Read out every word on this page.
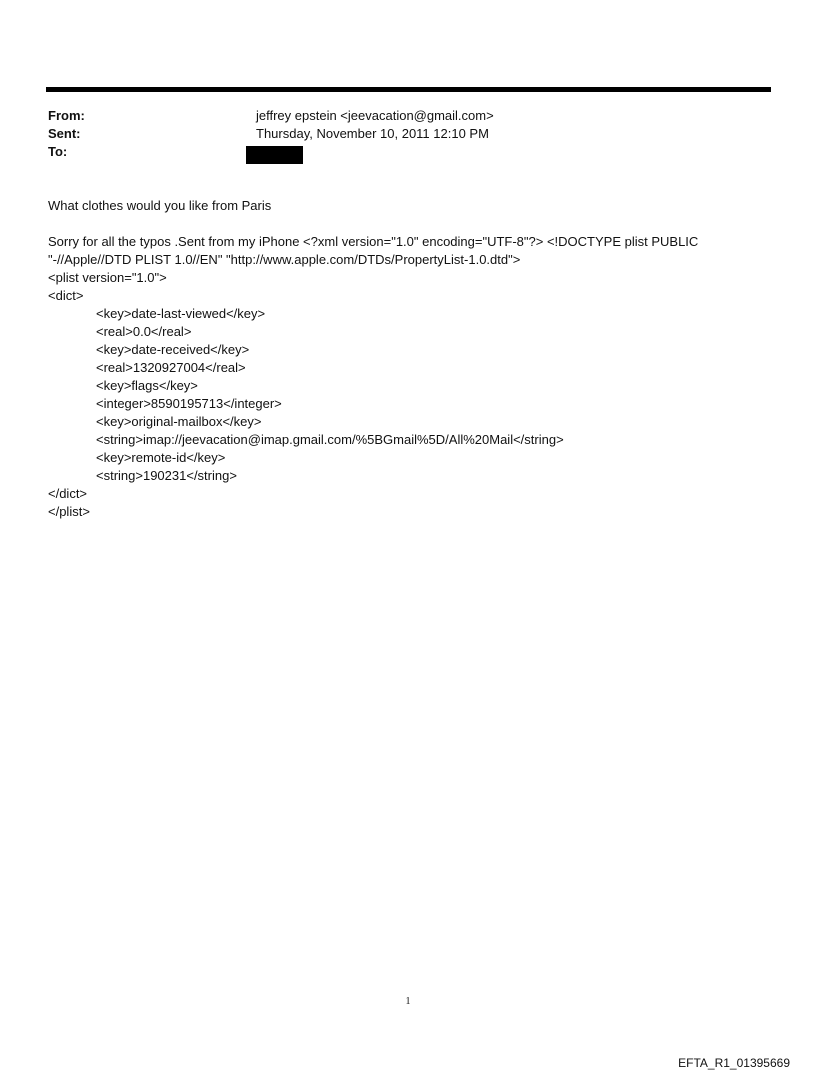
From:	jeffrey epstein <jeevacation@gmail.com>
Sent:	Thursday, November 10, 2011 12:10 PM
To:

What clothes would you like from Paris

Sorry for all the typos .Sent from my iPhone <?xml version="1.0" encoding="UTF-8"?> <!DOCTYPE plist PUBLIC "-//Apple//DTD PLIST 1.0//EN" "http://www.apple.com/DTDs/PropertyList-1.0.dtd">

<plist version="1.0">

<dict>

<key>date-last-viewed</key>

<real>0.0</real>

<key>date-received</key>

<real>1320927004</real>

<key>flags</key>

<integer>8590195713</integer>

<key>original-mailbox</key>

<string>imap://jeevacation@imap.gmail.com/%5BGmail%5D/All%20Mail</string>

<key>remote-id</key>

<string>190231</string>

</dict>

</plist>

1
EFTA_R1_01395669
